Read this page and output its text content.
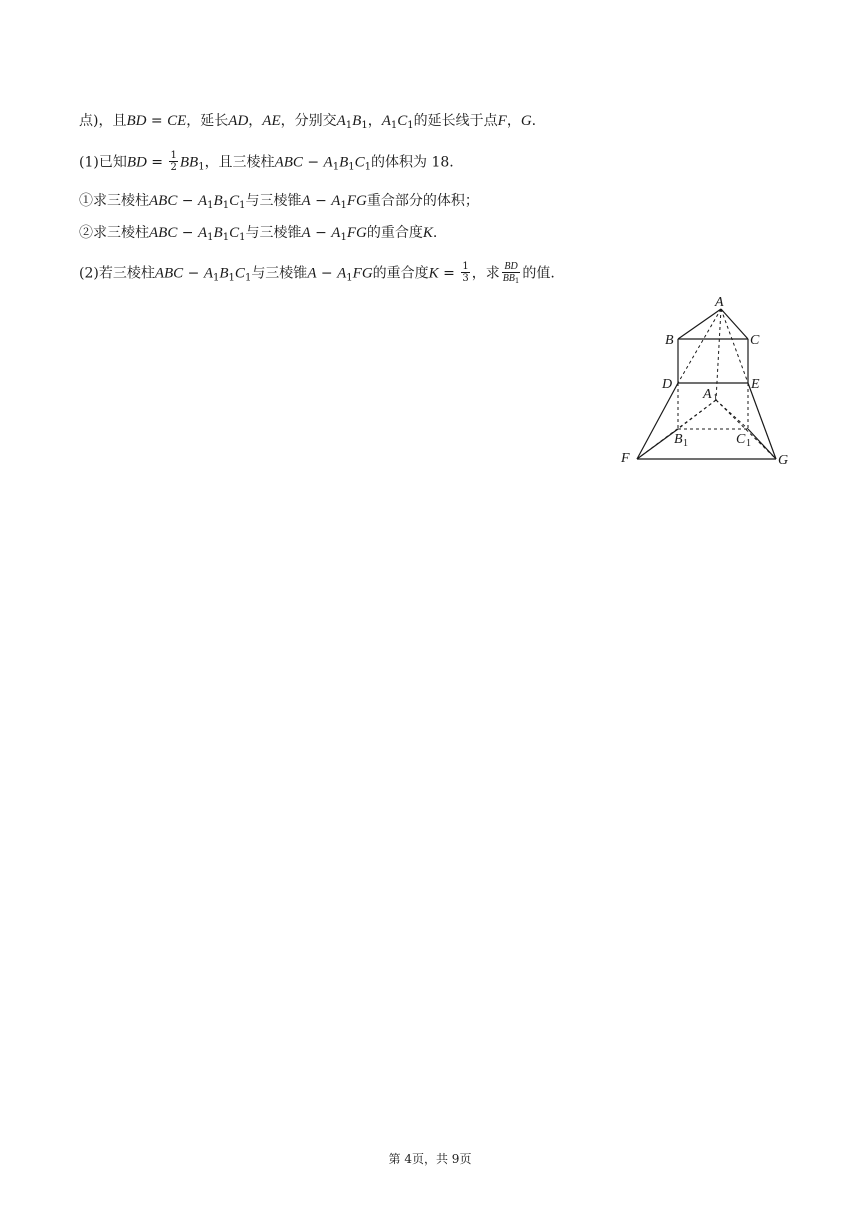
点)，且BD = CE，延长AD，AE，分别交$A_1B_1$，$A_1C_1$的延长线于点F，G.
(1)已知BD = $\frac{1}{2} BB_1$，且三棱柱ABC − $A_1B_1C_1$的体积为 18.
①求三棱柱ABC − $A_1B_1C_1$与三棱锥$A - A_1FG$重合部分的体积；
②求三棱柱ABC − $A_1B_1C_1$与三棱锥$A - A_1FG$的重合度K.
(2)若三棱柱ABC − $A_1B_1C_1$与三棱锥$A - A_1FG$的重合度$K = \frac{1}{3}$ ，求 $\frac{BD}{BB_1}$ 的值.
A
B	C
D	E
A 1
B 1	C 1
F	G
第 4页，共 9页
